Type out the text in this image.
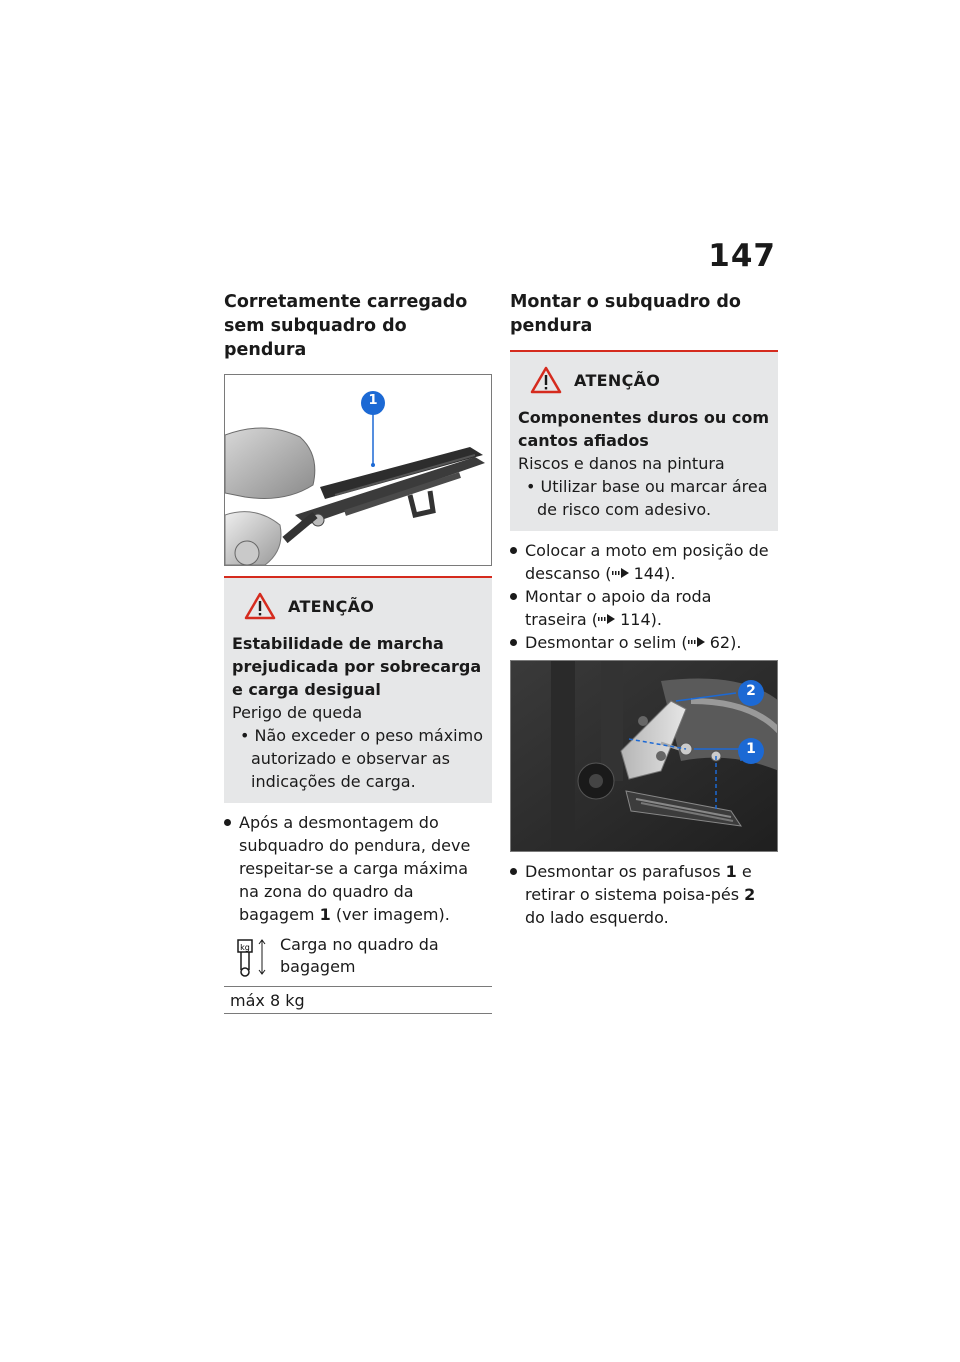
147
Corretamente carregado sem subquadro do pendura
1
ATENÇÃO
Estabilidade de marcha prejudicada por sobrecarga e carga desigual
Perigo de queda
• Não exceder o peso máximo autorizado e observar as indicações de carga.
Após a desmontagem do subquadro do pendura, deve respeitar-se a carga máxima na zona do quadro da bagagem 1 (ver imagem).
kg Carga no quadro da bagagem
máx 8 kg
Montar o subquadro do pendura
ATENÇÃO
Componentes duros ou com cantos afiados
Riscos e danos na pintura
• Utilizar base ou marcar área de risco com adesivo.
Colocar a moto em posição de descanso ( 144).
Montar o apoio da roda traseira ( 114).
Desmontar o selim ( 62).
2
1
Desmontar os parafusos 1 e retirar o sistema poisa-pés 2 do lado esquerdo.
